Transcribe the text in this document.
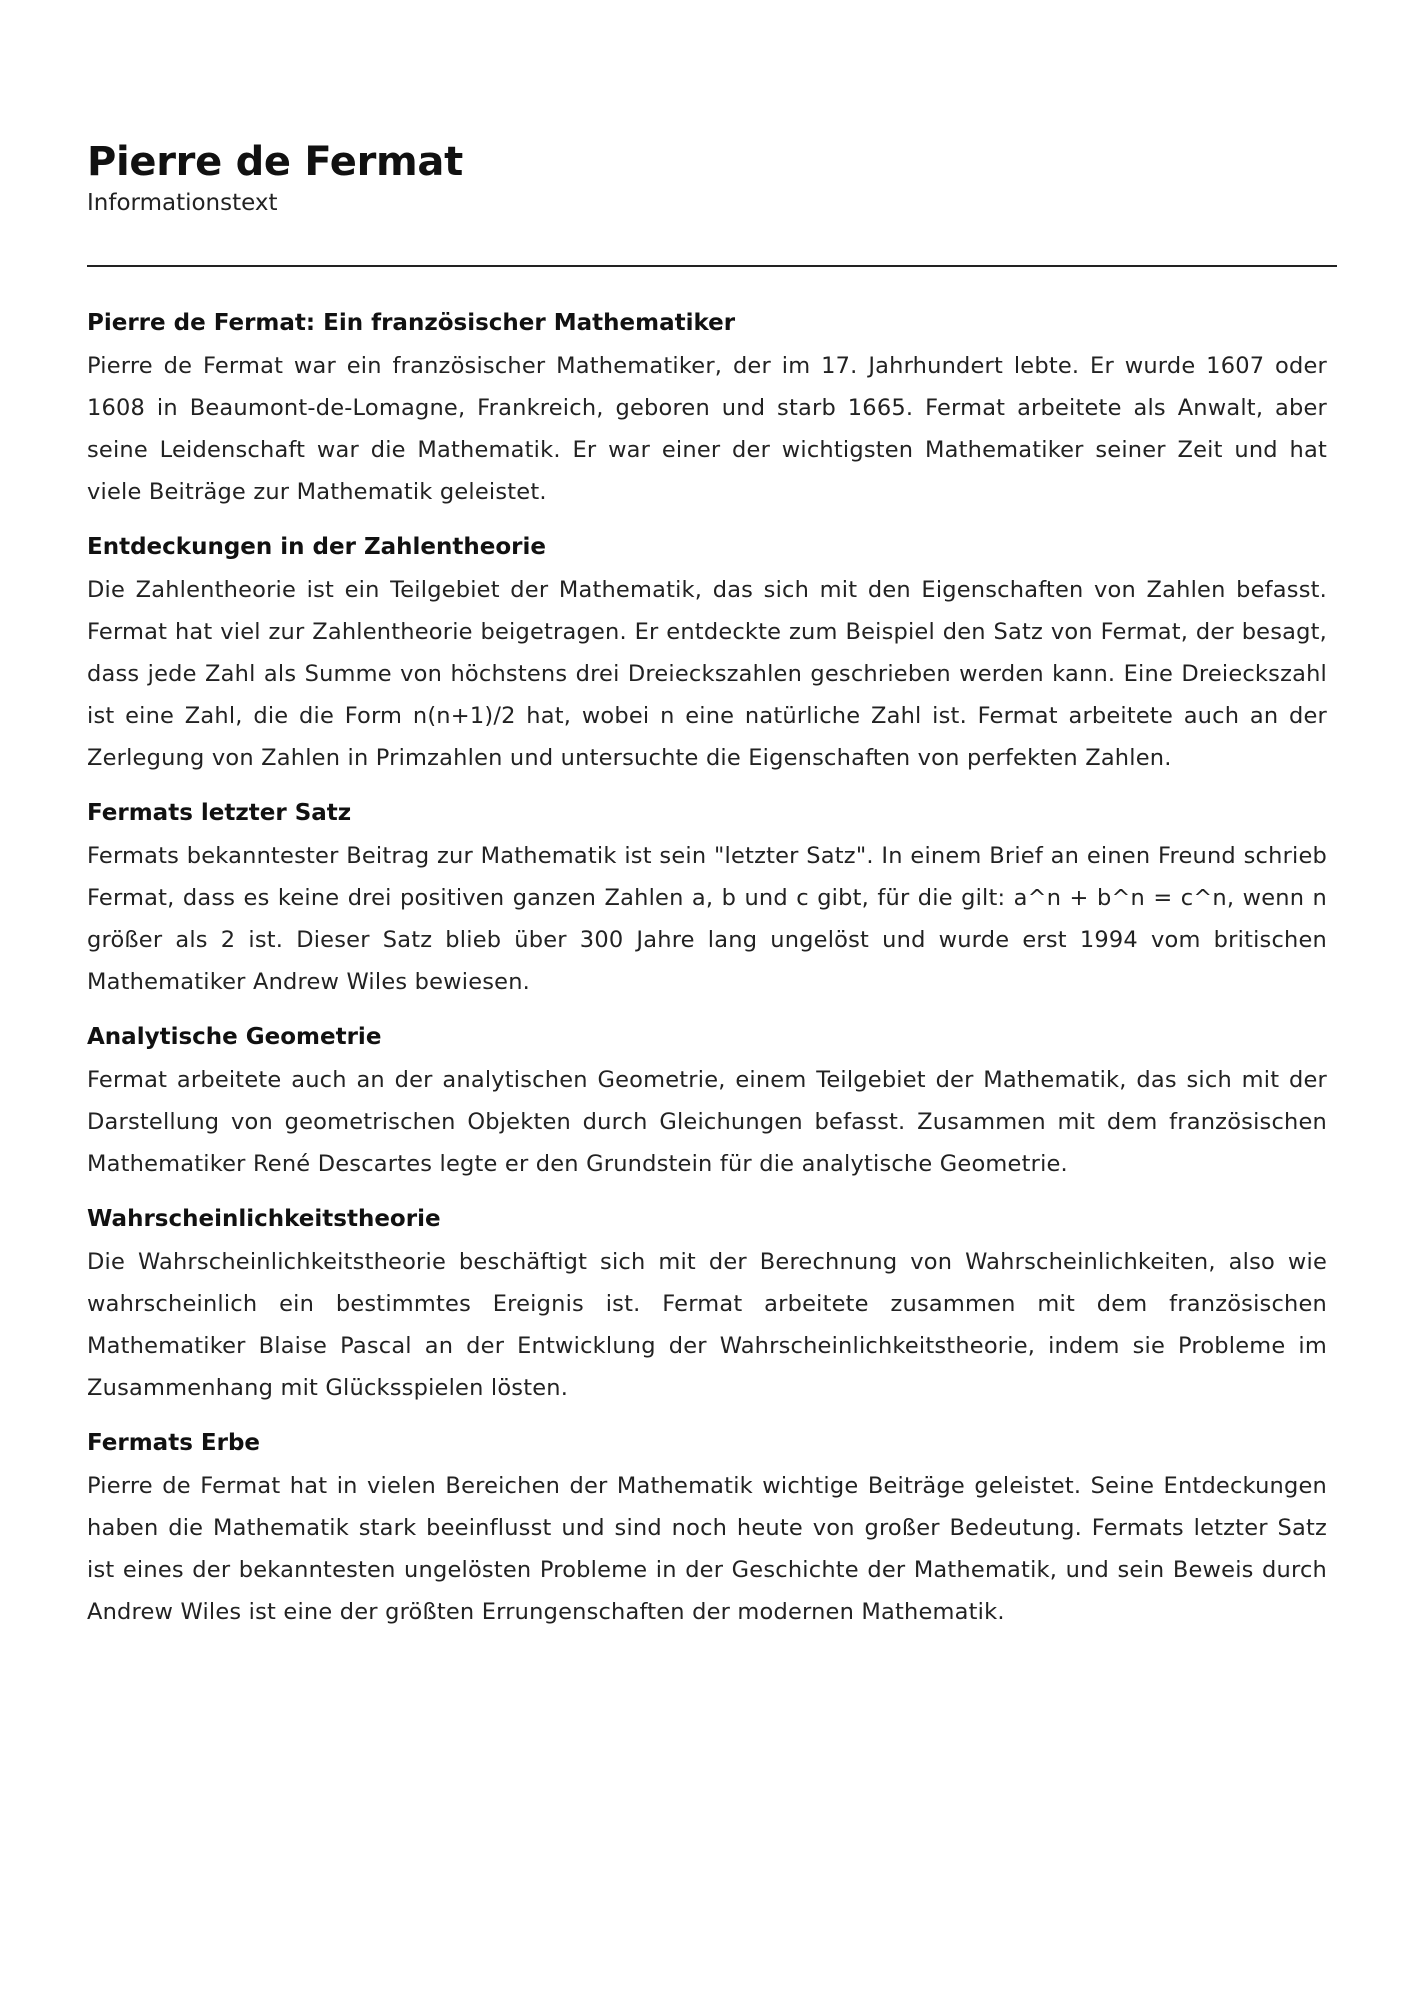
Pierre de Fermat
Informationstext
Pierre de Fermat: Ein französischer Mathematiker

Pierre de Fermat war ein französischer Mathematiker, der im 17. Jahrhundert lebte. Er wurde 1607 oder 1608 in Beaumont-de-Lomagne, Frankreich, geboren und starb 1665. Fermat arbeitete als Anwalt, aber seine Leidenschaft war die Mathematik. Er war einer der wichtigsten Mathematiker seiner Zeit und hat viele Beiträge zur Mathematik geleistet.

Entdeckungen in der Zahlentheorie

Die Zahlentheorie ist ein Teilgebiet der Mathematik, das sich mit den Eigenschaften von Zahlen befasst. Fermat hat viel zur Zahlentheorie beigetragen. Er entdeckte zum Beispiel den Satz von Fermat, der besagt, dass jede Zahl als Summe von höchstens drei Dreieckszahlen geschrieben werden kann. Eine Dreieckszahl ist eine Zahl, die die Form n(n+1)/2 hat, wobei n eine natürliche Zahl ist. Fermat arbeitete auch an der Zerlegung von Zahlen in Primzahlen und untersuchte die Eigenschaften von perfekten Zahlen.

Fermats letzter Satz

Fermats bekanntester Beitrag zur Mathematik ist sein "letzter Satz". In einem Brief an einen Freund schrieb Fermat, dass es keine drei positiven ganzen Zahlen a, b und c gibt, für die gilt: a^n + b^n = c^n, wenn n größer als 2 ist. Dieser Satz blieb über 300 Jahre lang ungelöst und wurde erst 1994 vom britischen Mathematiker Andrew Wiles bewiesen.

Analytische Geometrie

Fermat arbeitete auch an der analytischen Geometrie, einem Teilgebiet der Mathematik, das sich mit der Darstellung von geometrischen Objekten durch Gleichungen befasst. Zusammen mit dem französischen Mathematiker René Descartes legte er den Grundstein für die analytische Geometrie.

Wahrscheinlichkeitstheorie

Die Wahrscheinlichkeitstheorie beschäftigt sich mit der Berechnung von Wahrscheinlichkeiten, also wie wahrscheinlich ein bestimmtes Ereignis ist. Fermat arbeitete zusammen mit dem französischen Mathematiker Blaise Pascal an der Entwicklung der Wahrscheinlichkeitstheorie, indem sie Probleme im Zusammenhang mit Glücksspielen lösten.

Fermats Erbe

Pierre de Fermat hat in vielen Bereichen der Mathematik wichtige Beiträge geleistet. Seine Entdeckungen haben die Mathematik stark beeinflusst und sind noch heute von großer Bedeutung. Fermats letzter Satz ist eines der bekanntesten ungelösten Probleme in der Geschichte der Mathematik, und sein Beweis durch Andrew Wiles ist eine der größten Errungenschaften der modernen Mathematik.
